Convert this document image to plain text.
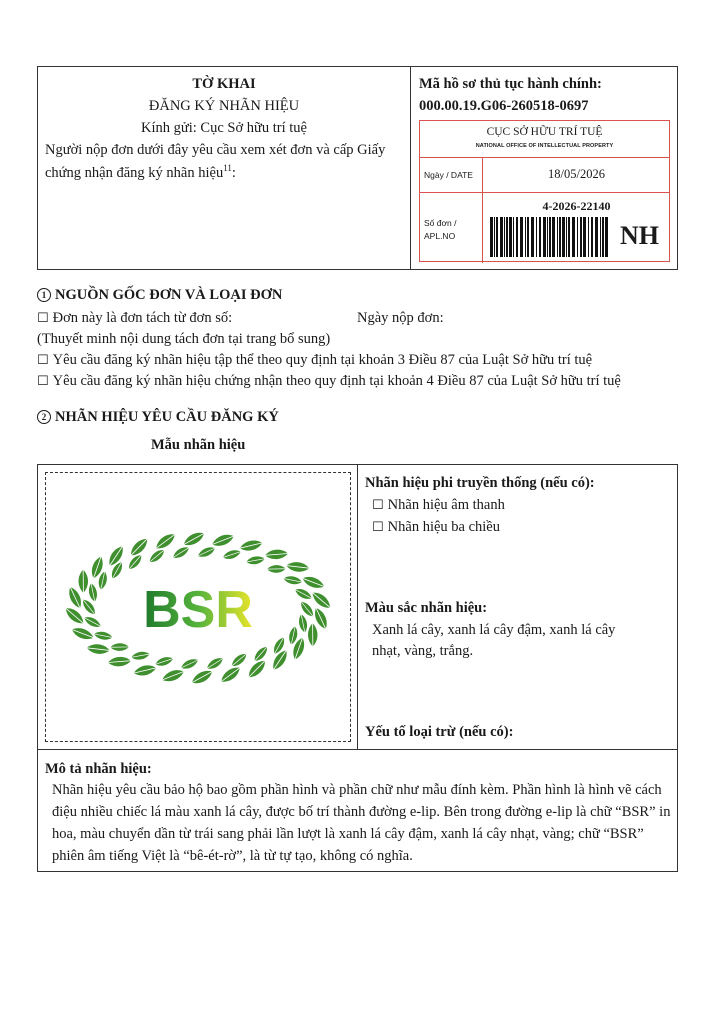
TỜ KHAI
ĐĂNG KÝ NHÃN HIỆU
Kính gửi: Cục Sở hữu trí tuệ
Người nộp đơn dưới đây yêu cầu xem xét đơn và cấp Giấy
chứng nhận đăng ký nhãn hiệu$^{11}$:
Mã hồ sơ thủ tục hành chính:
000.00.19.G06-260518-0697
CỤC SỞ HỮU TRÍ TUỆ
NATIONAL OFFICE OF INTELLECTUAL PROPERTY
Ngày / DATE	18/05/2026
Số đơn /
APL.NO
4-2026-22140
NH
1 NGUỒN GỐC ĐƠN VÀ LOẠI ĐƠN
☐ Đơn này là đơn tách từ đơn số:	Ngày nộp đơn:
(Thuyết minh nội dung tách đơn tại trang bổ sung)
☐ Yêu cầu đăng ký nhãn hiệu tập thể theo quy định tại khoản 3 Điều 87 của Luật Sở hữu trí tuệ
☐ Yêu cầu đăng ký nhãn hiệu chứng nhận theo quy định tại khoản 4 Điều 87 của Luật Sở hữu trí tuệ
2 NHÃN HIỆU YÊU CẦU ĐĂNG KÝ
Mẫu nhãn hiệu
BSR
Nhãn hiệu phi truyền thống (nếu có):
☐ Nhãn hiệu âm thanh
☐ Nhãn hiệu ba chiều
Màu sắc nhãn hiệu:
Xanh lá cây, xanh lá cây đậm, xanh lá cây
nhạt, vàng, trắng.
Yếu tố loại trừ (nếu có):
Mô tả nhãn hiệu:
Nhãn hiệu yêu cầu bảo hộ bao gồm phần hình và phần chữ như mẫu đính kèm. Phần hình là hình vẽ cách
điệu nhiều chiếc lá màu xanh lá cây, được bố trí thành đường e-lip. Bên trong đường e-lip là chữ “BSR” in
hoa, màu chuyển dần từ trái sang phải lần lượt là xanh lá cây đậm, xanh lá cây nhạt, vàng; chữ “BSR”
phiên âm tiếng Việt là “bê-ét-rờ”, là từ tự tạo, không có nghĩa.
